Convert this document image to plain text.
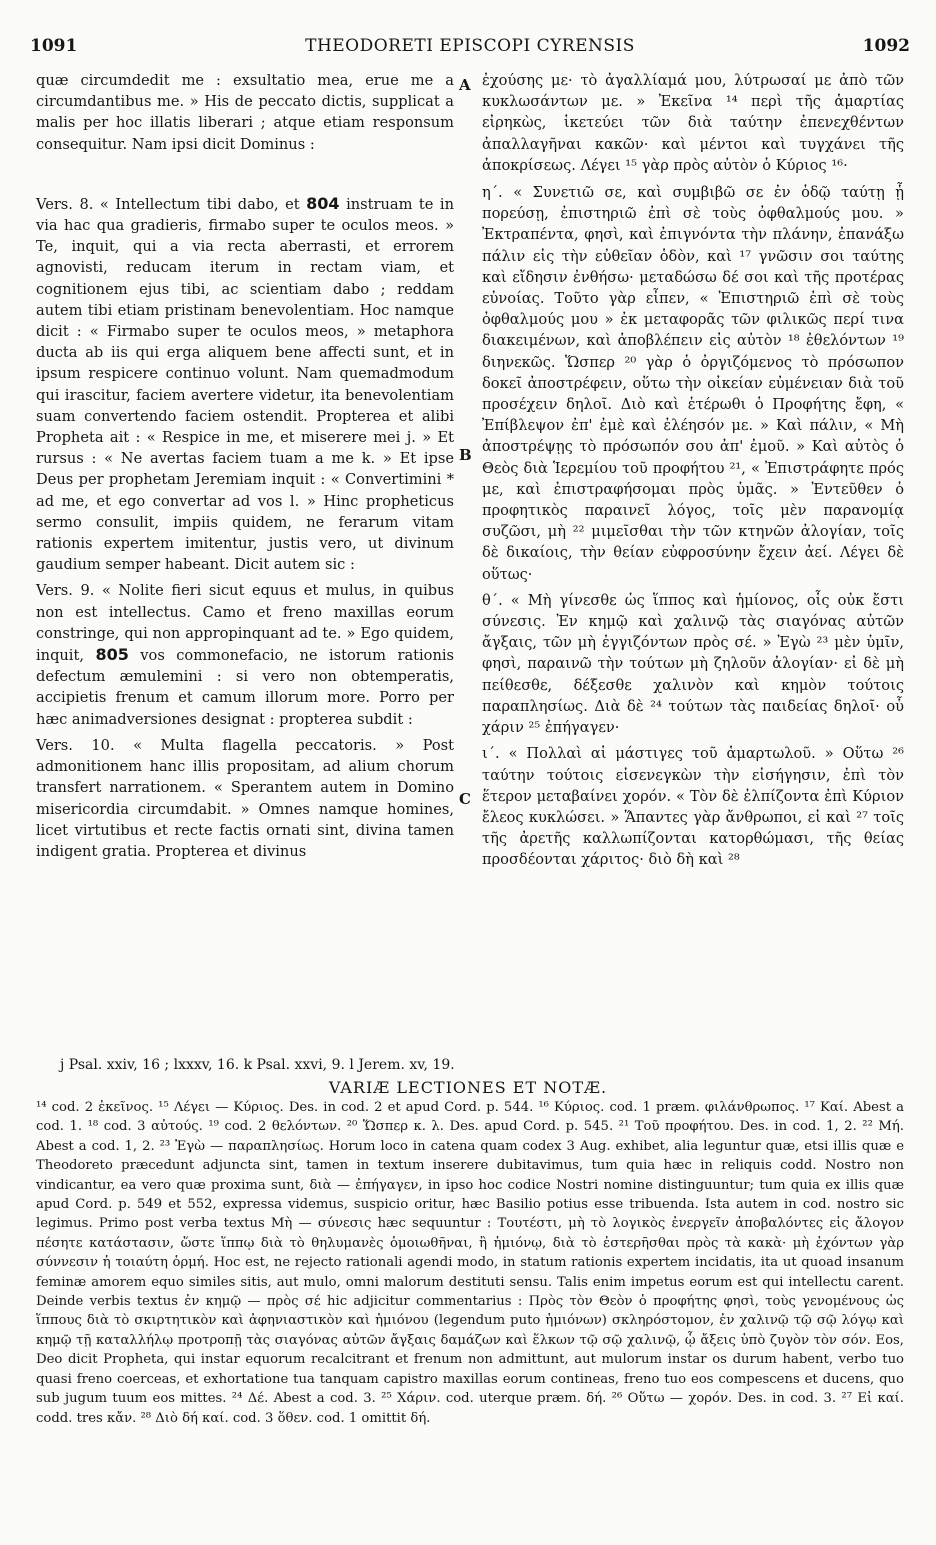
1091	THEODORETI EPISCOPI CYRENSIS	1092
A
B
C

quæ circumdedit me : exsultatio mea, erue me a circumdantibus me. » His de peccato dictis, supplicat a malis per hoc illatis liberari ; atque etiam responsum consequitur. Nam ipsi dicit Dominus :

Vers. 8. « Intellectum tibi dabo, et 804 instruam te in via hac qua gradieris, firmabo super te oculos meos. » Te, inquit, qui a via recta aberrasti, et errorem agnovisti, reducam iterum in rectam viam, et cognitionem ejus tibi, ac scientiam dabo ; reddam autem tibi etiam pristinam benevolentiam. Hoc namque dicit : « Firmabo super te oculos meos, » metaphora ducta ab iis qui erga aliquem bene affecti sunt, et in ipsum respicere continuo volunt. Nam quemadmodum qui irascitur, faciem avertere videtur, ita benevolentiam suam convertendo faciem ostendit. Propterea et alibi Propheta ait : « Respice in me, et miserere mei j. » Et rursus : « Ne avertas faciem tuam a me k. » Et ipse Deus per prophetam Jeremiam inquit : « Convertimini * ad me, et ego convertar ad vos l. » Hinc propheticus sermo consulit, impiis quidem, ne ferarum vitam rationis expertem imitentur, justis vero, ut divinum gaudium semper habeant. Dicit autem sic :

Vers. 9. « Nolite fieri sicut equus et mulus, in quibus non est intellectus. Camo et freno maxillas eorum constringe, qui non appropinquant ad te. » Ego quidem, inquit, 805 vos commonefacio, ne istorum rationis defectum æmulemini : si vero non obtemperatis, accipietis frenum et camum illorum more. Porro per hæc animadversiones designat : propterea subdit :

Vers. 10. « Multa flagella peccatoris. » Post admonitionem hanc illis propositam, ad alium chorum transfert narrationem. « Sperantem autem in Domino misericordia circumdabit. » Omnes namque homines, licet virtutibus et recte factis ornati sint, divina tamen indigent gratia. Propterea et divinus

ἐχούσης με· τὸ ἀγαλλίαμά μου, λύτρωσαί με ἀπὸ τῶν κυκλωσάντων με. » Ἐκεῖνα ¹⁴ περὶ τῆς ἁμαρτίας εἰρηκὼς, ἱκετεύει τῶν διὰ ταύτην ἐπενεχθέντων ἀπαλλαγῆναι κακῶν· καὶ μέντοι καὶ τυγχάνει τῆς ἀποκρίσεως. Λέγει ¹⁵ γὰρ πρὸς αὐτὸν ὁ Κύριος ¹⁶·

η΄. « Συνετιῶ σε, καὶ συμβιβῶ σε ἐν ὁδῷ ταύτῃ ᾗ πορεύσῃ, ἐπιστηριῶ ἐπὶ σὲ τοὺς ὀφθαλμούς μου. » Ἐκτραπέντα, φησὶ, καὶ ἐπιγνόντα τὴν πλάνην, ἐπανάξω πάλιν εἰς τὴν εὐθεῖαν ὁδὸν, καὶ ¹⁷ γνῶσιν σοι ταύτης καὶ εἴδησιν ἐνθήσω· μεταδώσω δέ σοι καὶ τῆς προτέρας εὐνοίας. Τοῦτο γὰρ εἶπεν, « Ἐπιστηριῶ ἐπὶ σὲ τοὺς ὀφθαλμούς μου » ἐκ μεταφορᾶς τῶν φιλικῶς περί τινα διακειμένων, καὶ ἀποβλέπειν εἰς αὐτὸν ¹⁸ ἐθελόντων ¹⁹ διηνεκῶς. Ὥσπερ ²⁰ γὰρ ὁ ὀργιζόμενος τὸ πρόσωπον δοκεῖ ἀποστρέφειν, οὕτω τὴν οἰκείαν εὐμένειαν διὰ τοῦ προσέχειν δηλοῖ. Διὸ καὶ ἑτέρωθι ὁ Προφήτης ἔφη, « Ἐπίβλεψον ἐπ' ἐμὲ καὶ ἐλέησόν με. » Καὶ πάλιν, « Μὴ ἀποστρέψῃς τὸ πρόσωπόν σου ἀπ' ἐμοῦ. » Καὶ αὐτὸς ὁ Θεὸς διὰ Ἱερεμίου τοῦ προφήτου ²¹, « Ἐπιστράφητε πρός με, καὶ ἐπιστραφήσομαι πρὸς ὑμᾶς. » Ἐντεῦθεν ὁ προφητικὸς παραινεῖ λόγος, τοῖς μὲν παρανομίᾳ συζῶσι, μὴ ²² μιμεῖσθαι τὴν τῶν κτηνῶν ἀλογίαν, τοῖς δὲ δικαίοις, τὴν θείαν εὐφροσύνην ἔχειν ἀεί. Λέγει δὲ οὕτως·

θ΄. « Μὴ γίνεσθε ὡς ἵππος καὶ ἡμίονος, οἷς οὐκ ἔστι σύνεσις. Ἐν κημῷ καὶ χαλινῷ τὰς σιαγόνας αὐτῶν ἄγξαις, τῶν μὴ ἐγγιζόντων πρὸς σέ. » Ἐγὼ ²³ μὲν ὑμῖν, φησὶ, παραινῶ τὴν τούτων μὴ ζηλοῦν ἀλογίαν· εἰ δὲ μὴ πείθεσθε, δέξεσθε χαλινὸν καὶ κημὸν τούτοις παραπλησίως. Διὰ δὲ ²⁴ τούτων τὰς παιδείας δηλοῖ· οὗ χάριν ²⁵ ἐπήγαγεν·

ι΄. « Πολλαὶ αἱ μάστιγες τοῦ ἁμαρτωλοῦ. » Οὕτω ²⁶ ταύτην τούτοις εἰσενεγκὼν τὴν εἰσήγησιν, ἐπὶ τὸν ἕτερον μεταβαίνει χορόν. « Τὸν δὲ ἐλπίζοντα ἐπὶ Κύριον ἔλεος κυκλώσει. » Ἅπαντες γὰρ ἄνθρωποι, εἰ καὶ ²⁷ τοῖς τῆς ἀρετῆς καλλωπίζονται κατορθώμασι, τῆς θείας προσδέονται χάριτος· διὸ δὴ καὶ ²⁸

j Psal. xxiv, 16 ; lxxxv, 16. k Psal. xxvi, 9. l Jerem. xv, 19.
VARIÆ LECTIONES ET NOTÆ.

¹⁴ cod. 2 ἐκεῖνος. ¹⁵ Λέγει — Κύριος. Des. in cod. 2 et apud Cord. p. 544. ¹⁶ Κύριος. cod. 1 præm. φιλάνθρωπος. ¹⁷ Καί. Abest a cod. 1. ¹⁸ cod. 3 αὐτούς. ¹⁹ cod. 2 θελόντων. ²⁰ Ὥσπερ κ. λ. Des. apud Cord. p. 545. ²¹ Τοῦ προφήτου. Des. in cod. 1, 2. ²² Μή. Abest a cod. 1, 2. ²³ Ἐγὼ — παραπλησίως. Horum loco in catena quam codex 3 Aug. exhibet, alia leguntur quæ, etsi illis quæ e Theodoreto præcedunt adjuncta sint, tamen in textum inserere dubitavimus, tum quia hæc in reliquis codd. Nostro non vindicantur, ea vero quæ proxima sunt, διὰ — ἐπήγαγεν, in ipso hoc codice Nostri nomine distinguuntur; tum quia ex illis quæ apud Cord. p. 549 et 552, expressa videmus, suspicio oritur, hæc Basilio potius esse tribuenda. Ista autem in cod. nostro sic legimus. Primo post verba textus Μὴ — σύνεσις hæc sequuntur : Τουτέστι, μὴ τὸ λογικὸς ἐνεργεῖν ἀποβαλόντες εἰς ἄλογον πέσητε κατάστασιν, ὥστε ἵππῳ διὰ τὸ θηλυμανὲς ὁμοιωθῆναι, ἢ ἡμιόνῳ, διὰ τὸ ἐστερῆσθαι πρὸς τὰ κακὰ· μὴ ἐχόντων γὰρ σύννεσιν ἡ τοιαύτη ὁρμή. Hoc est, ne rejecto rationali agendi modo, in statum rationis expertem incidatis, ita ut quoad insanum feminæ amorem equo similes sitis, aut mulo, omni malorum destituti sensu. Talis enim impetus eorum est qui intellectu carent. Deinde verbis textus ἐν κημῷ — πρὸς σέ hic adjicitur commentarius : Πρὸς τὸν Θεὸν ὁ προφήτης φησὶ, τοὺς γενομένους ὡς ἵππους διὰ τὸ σκιρτητικὸν καὶ ἀφηνιαστικὸν καὶ ἡμιόνου (legendum puto ἡμιόνων) σκληρόστομον, ἐν χαλινῷ τῷ σῷ λόγῳ καὶ κημῷ τῇ καταλλήλῳ προτροπῇ τὰς σιαγόνας αὐτῶν ἄγξαις δαμάζων καὶ ἕλκων τῷ σῷ χαλινῷ, ᾧ ἄξεις ὑπὸ ζυγὸν τὸν σόν. Eos, Deo dicit Propheta, qui instar equorum recalcitrant et frenum non admittunt, aut mulorum instar os durum habent, verbo tuo quasi freno coerceas, et exhortatione tua tanquam capistro maxillas eorum contineas, freno tuo eos compescens et ducens, quo sub jugum tuum eos mittes. ²⁴ Δέ. Abest a cod. 3. ²⁵ Χάριν. cod. uterque præm. δή. ²⁶ Οὕτω — χορόν. Des. in cod. 3. ²⁷ Εἰ καί. codd. tres κἄν. ²⁸ Διὸ δή καί. cod. 3 ὅθεν. cod. 1 omittit δή.
